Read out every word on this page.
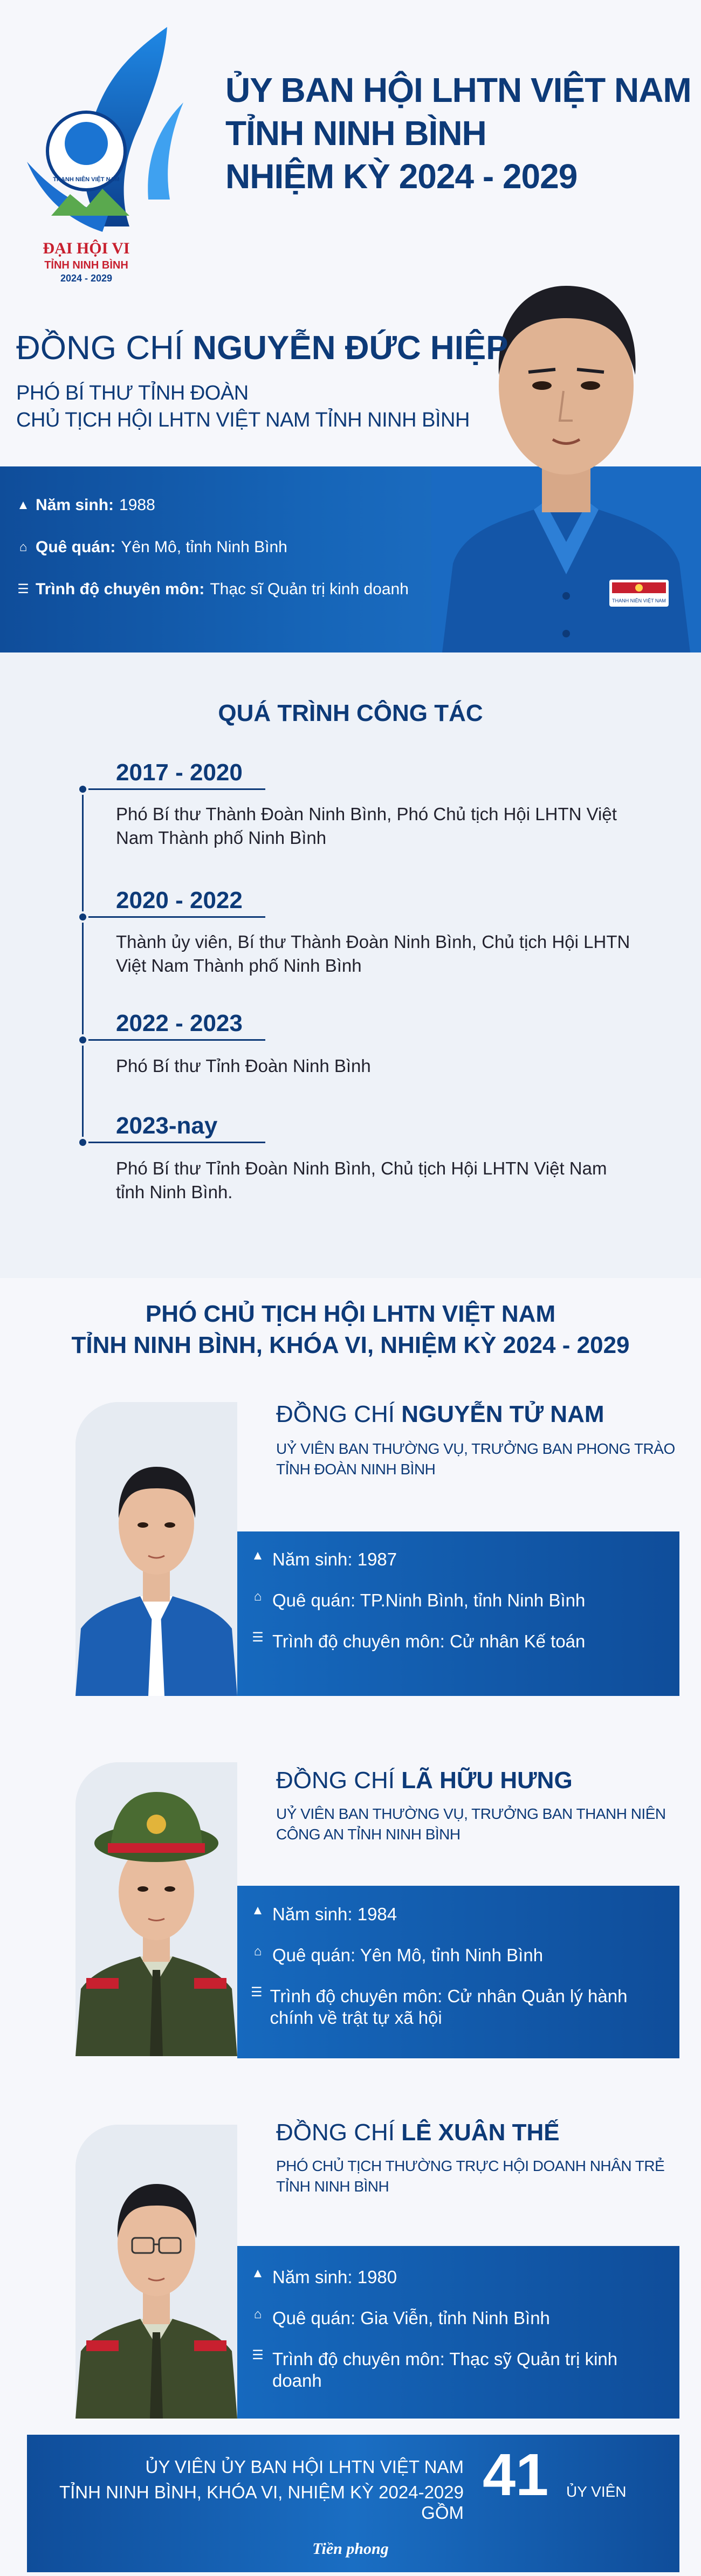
THANH NIÊN VIỆT NAM
ĐẠI HỘI VI
TỈNH NINH BÌNH
2024 - 2029
ỦY BAN HỘI LHTN VIỆT NAM
TỈNH NINH BÌNH
NHIỆM KỲ 2024 - 2029
THANH NIÊN VIỆT NAM
ĐỒNG CHÍ NGUYỄN ĐỨC HIỆP
PHÓ BÍ THƯ TỈNH ĐOÀN
CHỦ TỊCH HỘI LHTN VIỆT NAM TỈNH NINH BÌNH
▲ Năm sinh: 1988
⌂ Quê quán: Yên Mô, tỉnh Ninh Bình
☰ Trình độ chuyên môn: Thạc sĩ Quản trị kinh doanh
QUÁ TRÌNH CÔNG TÁC
2017 - 2020
Phó Bí thư Thành Đoàn Ninh Bình, Phó Chủ tịch Hội LHTN Việt Nam Thành phố Ninh Bình
2020 - 2022
Thành ủy viên, Bí thư Thành Đoàn Ninh Bình, Chủ tịch Hội LHTN Việt Nam Thành phố Ninh Bình
2022 - 2023
Phó Bí thư Tỉnh Đoàn Ninh Bình
2023-nay
Phó Bí thư Tỉnh Đoàn Ninh Bình, Chủ tịch Hội LHTN Việt Nam tỉnh Ninh Bình.
PHÓ CHỦ TỊCH HỘI LHTN VIỆT NAM
TỈNH NINH BÌNH, KHÓA VI, NHIỆM KỲ 2024 - 2029
ĐỒNG CHÍ NGUYỄN TỬ NAM
UỶ VIÊN BAN THƯỜNG VỤ, TRƯỞNG BAN PHONG TRÀO TỈNH ĐOÀN NINH BÌNH
▲ Năm sinh: 1987
⌂ Quê quán: TP.Ninh Bình, tỉnh Ninh Bình
☰ Trình độ chuyên môn: Cử nhân Kế toán
ĐỒNG CHÍ LÃ HỮU HƯNG
UỶ VIÊN BAN THƯỜNG VỤ, TRƯỞNG BAN THANH NIÊN CÔNG AN TỈNH NINH BÌNH
▲ Năm sinh: 1984
⌂ Quê quán: Yên Mô, tỉnh Ninh Bình
☰ Trình độ chuyên môn: Cử nhân Quản lý hành chính về trật tự xã hội
ĐỒNG CHÍ LÊ XUÂN THẾ
PHÓ CHỦ TỊCH THƯỜNG TRỰC HỘI DOANH NHÂN TRẺ TỈNH NINH BÌNH
▲ Năm sinh: 1980
⌂ Quê quán: Gia Viễn, tỉnh Ninh Bình
☰ Trình độ chuyên môn: Thạc sỹ Quản trị kinh doanh
ỦY VIÊN ỦY BAN HỘI LHTN VIỆT NAM
TỈNH NINH BÌNH, KHÓA VI, NHIỆM KỲ 2024-2029 GỒM
41 ỦY VIÊN
Tiền phong
